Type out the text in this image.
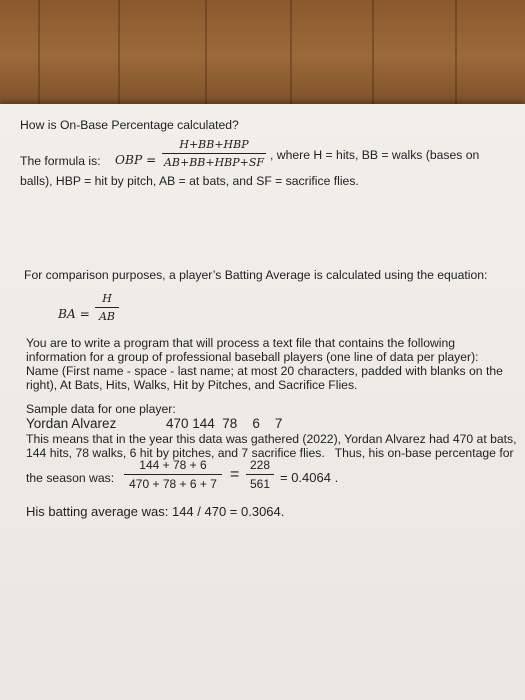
How is On-Base Percentage calculated?
The formula is: OBP =
H+BB+HBP
AB+BB+HBP+SF
, where H = hits, BB = walks (bases on
balls), HBP = hit by pitch, AB = at bats, and SF = sacrifice flies.
For comparison purposes, a player’s Batting Average is calculated using the equation:
BA =
H
AB
You are to write a program that will process a text file that contains the following
information for a group of professional baseball players (one line of data per player):
Name (First name - space - last name; at most 20 characters, padded with blanks on the
right), At Bats, Hits, Walks, Hit by Pitches, and Sacrifice Flies.
Sample data for one player:
Yordan Alvarez	470 144  78    6    7
This means that in the year this data was gathered (2022), Yordan Alvarez had 470 at bats,
144 hits, 78 walks, 6 hit by pitches, and 7 sacrifice flies.   Thus, his on-base percentage for
the season was:
144 + 78 + 6
470 + 78 + 6 + 7
=
228
561 = 0.4064 .
His batting average was: 144 / 470 = 0.3064.
